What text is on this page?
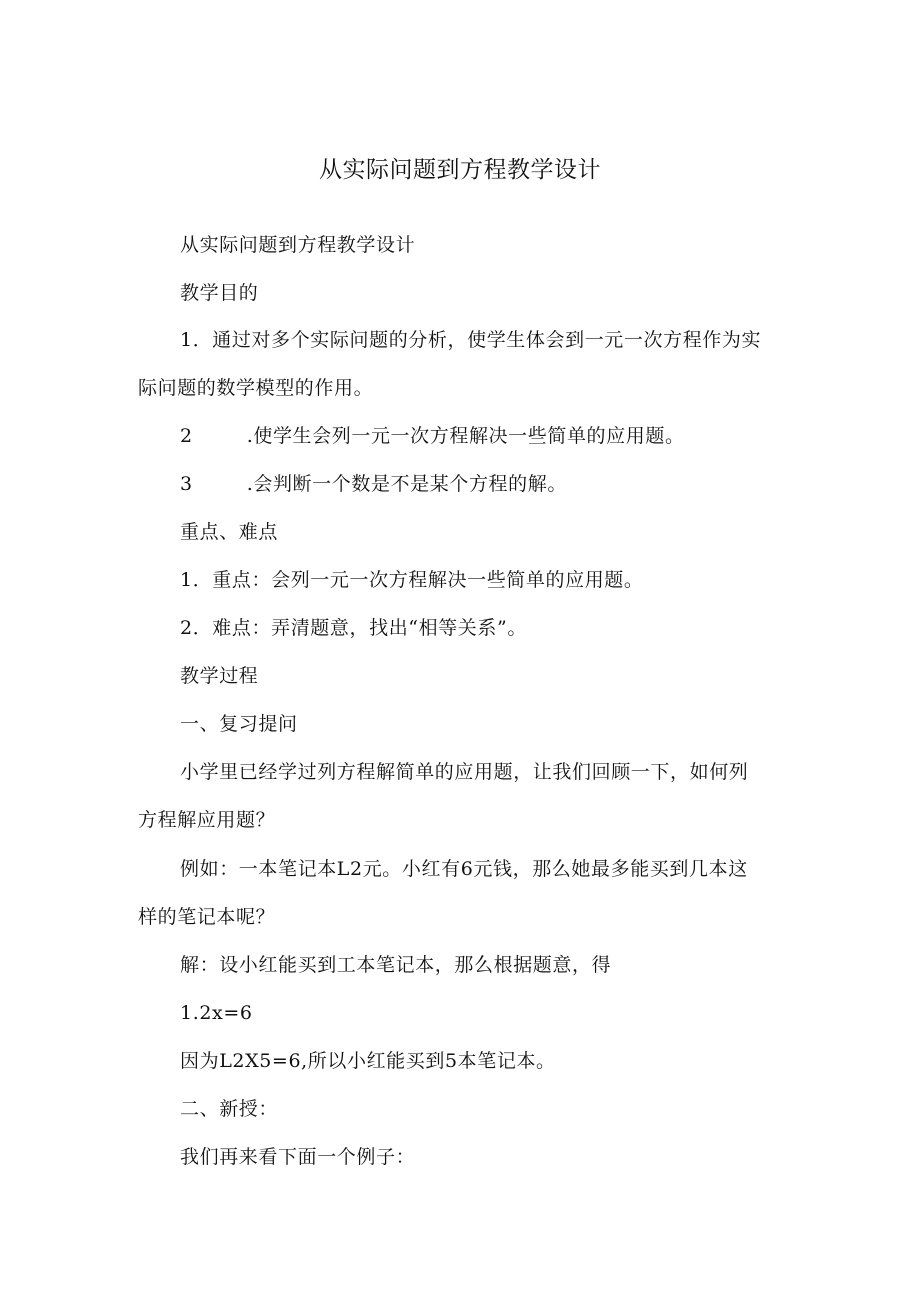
从实际问题到方程教学设计

从实际问题到方程教学设计

教学目的

1．通过对多个实际问题的分析，使学生体会到一元一次方程作为实

际问题的数学模型的作用。

2	.使学生会列一元一次方程解决一些简单的应用题。

3	.会判断一个数是不是某个方程的解。

重点、难点

1．重点：会列一元一次方程解决一些简单的应用题。

2．难点：弄清题意，找出“相等关系”。

教学过程

一、复习提问

小学里已经学过列方程解简单的应用题，让我们回顾一下，如何列

方程解应用题？

例如：一本笔记本L2元。小红有6元钱，那么她最多能买到几本这

样的笔记本呢？

解：设小红能买到工本笔记本，那么根据题意，得

1.2x=6

因为L2X5=6,所以小红能买到5本笔记本。

二、新授：

我们再来看下面一个例子：
